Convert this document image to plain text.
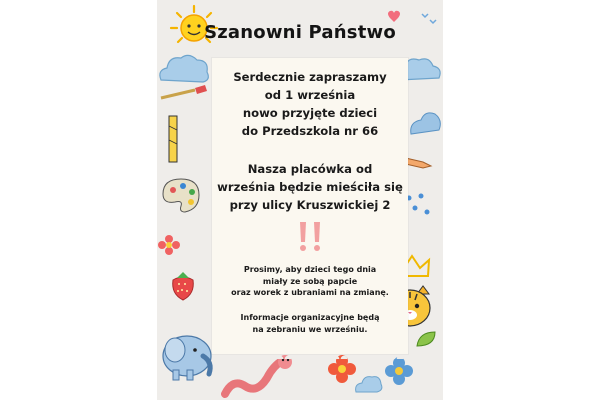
Szanowni Państwo
Serdecznie zapraszamy
od 1 września
nowo przyjęte dzieci
do Przedszkola nr 66
Nasza placówka od
września będzie mieściła się
przy ulicy Kruszwickiej 2
Prosimy, aby dzieci tego dnia
miały ze sobą papcie
oraz worek z ubraniami na zmianę.
Informacje organizacyjne będą
na zebraniu we wrześniu.
